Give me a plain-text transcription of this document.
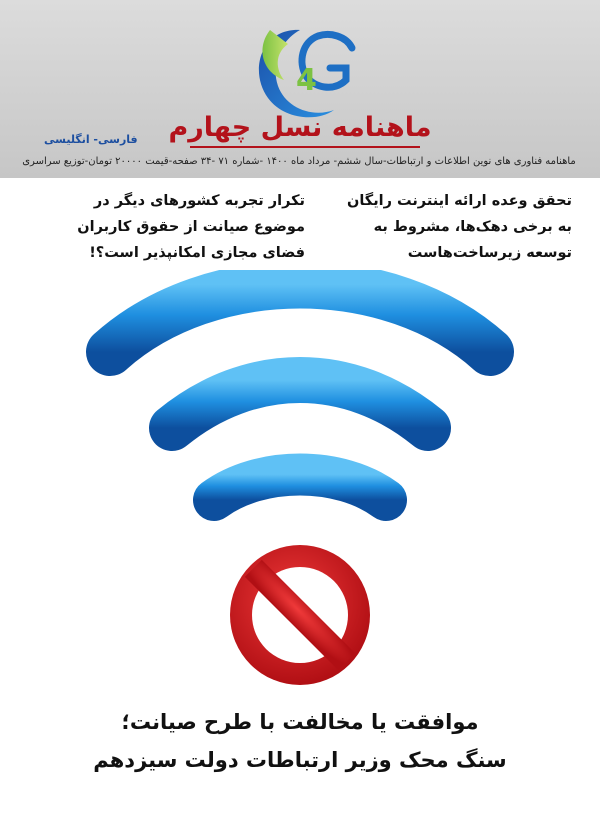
4
ماهنامه نسل چهارم
فارسی- انگلیسی
ماهنامه فناوری های نوین اطلاعات و ارتباطات-سال ششم- مرداد ماه ۱۴۰۰ -شماره ۷۱ -۳۴ صفحه-قیمت ۲۰۰۰۰ تومان-توزیع سراسری
تحقق وعده ارائه اینترنت رایگان
به برخی دهک‌ها، مشروط به
توسعه زیرساخت‌هاست
تکرار تجربه کشورهای دیگر در
موضوع صیانت از حقوق کاربران
فضای مجازی امکانپذیر است؟!
موافقت یا مخالفت با طرح صیانت؛
سنگ محک وزیر ارتباطات دولت سیزدهم
